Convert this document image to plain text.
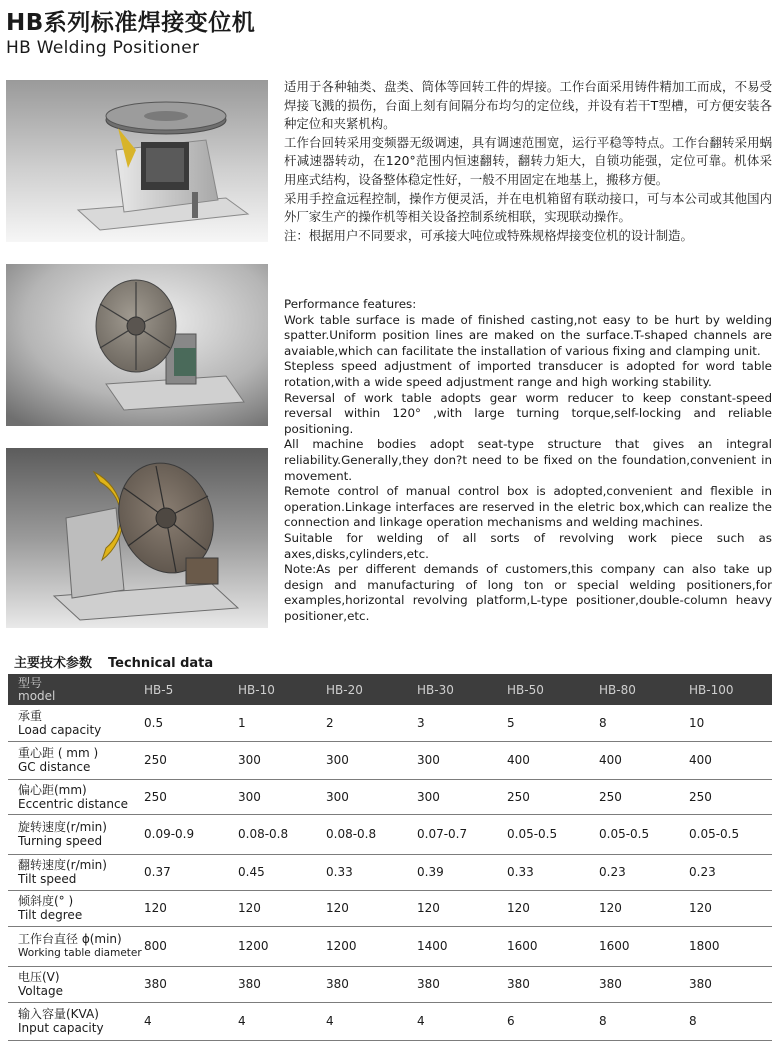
HB系列标准焊接变位机
HB Welding Positioner

适用于各种轴类、盘类、筒体等回转工件的焊接。工作台面采用铸件精加工而成，不易受焊接飞溅的损伤，台面上刻有间隔分布均匀的定位线，并设有若干T型槽，可方便安装各种定位和夹紧机构。

工作台回转采用变频器无级调速，具有调速范围宽，运行平稳等特点。工作台翻转采用蜗杆减速器转动，在120°范围内恒速翻转，翻转力矩大，自锁功能强，定位可靠。机体采用座式结构，设备整体稳定性好，一般不用固定在地基上，搬移方便。

采用手控盒远程控制，操作方便灵活，并在电机箱留有联动接口，可与本公司或其他国内外厂家生产的操作机等相关设备控制系统相联，实现联动操作。

注：根据用户不同要求，可承接大吨位或特殊规格焊接变位机的设计制造。

Performance features:

Work table surface is made of finished casting,not easy to be hurt by welding spatter.Uniform position lines are maked on the surface.T-shaped channels are avaiable,which can facilitate the installation of various fixing and clamping unit.

Stepless speed adjustment of imported transducer is adopted for word table rotation,with a wide speed adjustment range and high working stability.

Reversal of work table adopts gear worm reducer to keep constant-speed reversal within 120° ,with large turning torque,self-locking and reliable positioning.

All machine bodies adopt seat-type structure that gives an integral reliability.Generally,they don?t need to be fixed on the foundation,convenient in movement.

Remote control of manual control box is adopted,convenient and flexible in operation.Linkage interfaces are reserved in the eletric box,which can realize the connection and linkage operation mechanisms and welding machines.

Suitable for welding of all sorts of revolving work piece such as axes,disks,cylinders,etc.

Note:As per different demands of customers,this company can also take up design and manufacturing of long ton or special welding positioners,for examples,horizontal revolving platform,L-type positioner,double-column heavy positioner,etc.

主要技术参数 Technical data
型号
model	HB-5	HB-10	HB-20	HB-30	HB-50	HB-80	HB-100

承重
Load capacity	0.5	1	2	3	5	8	10

重心距 ( mm )
GC distance	250	300	300	300	400	400	400

偏心距(mm)
Eccentric distance	250	300	300	300	250	250	250

旋转速度(r/min)
Turning speed	0.09-0.9	0.08-0.8	0.08-0.8	0.07-0.7	0.05-0.5	0.05-0.5	0.05-0.5

翻转速度(r/min)
Tilt speed	0.37	0.45	0.33	0.39	0.33	0.23	0.23

倾斜度(° )
Tilt degree	120	120	120	120	120	120	120

工作台直径 ϕ(min)
Working table diameter	800	1200	1200	1400	1600	1600	1800

电压(V)
Voltage	380	380	380	380	380	380	380

输入容量(KVA)
Input capacity	4	4	4	4	6	8	8
